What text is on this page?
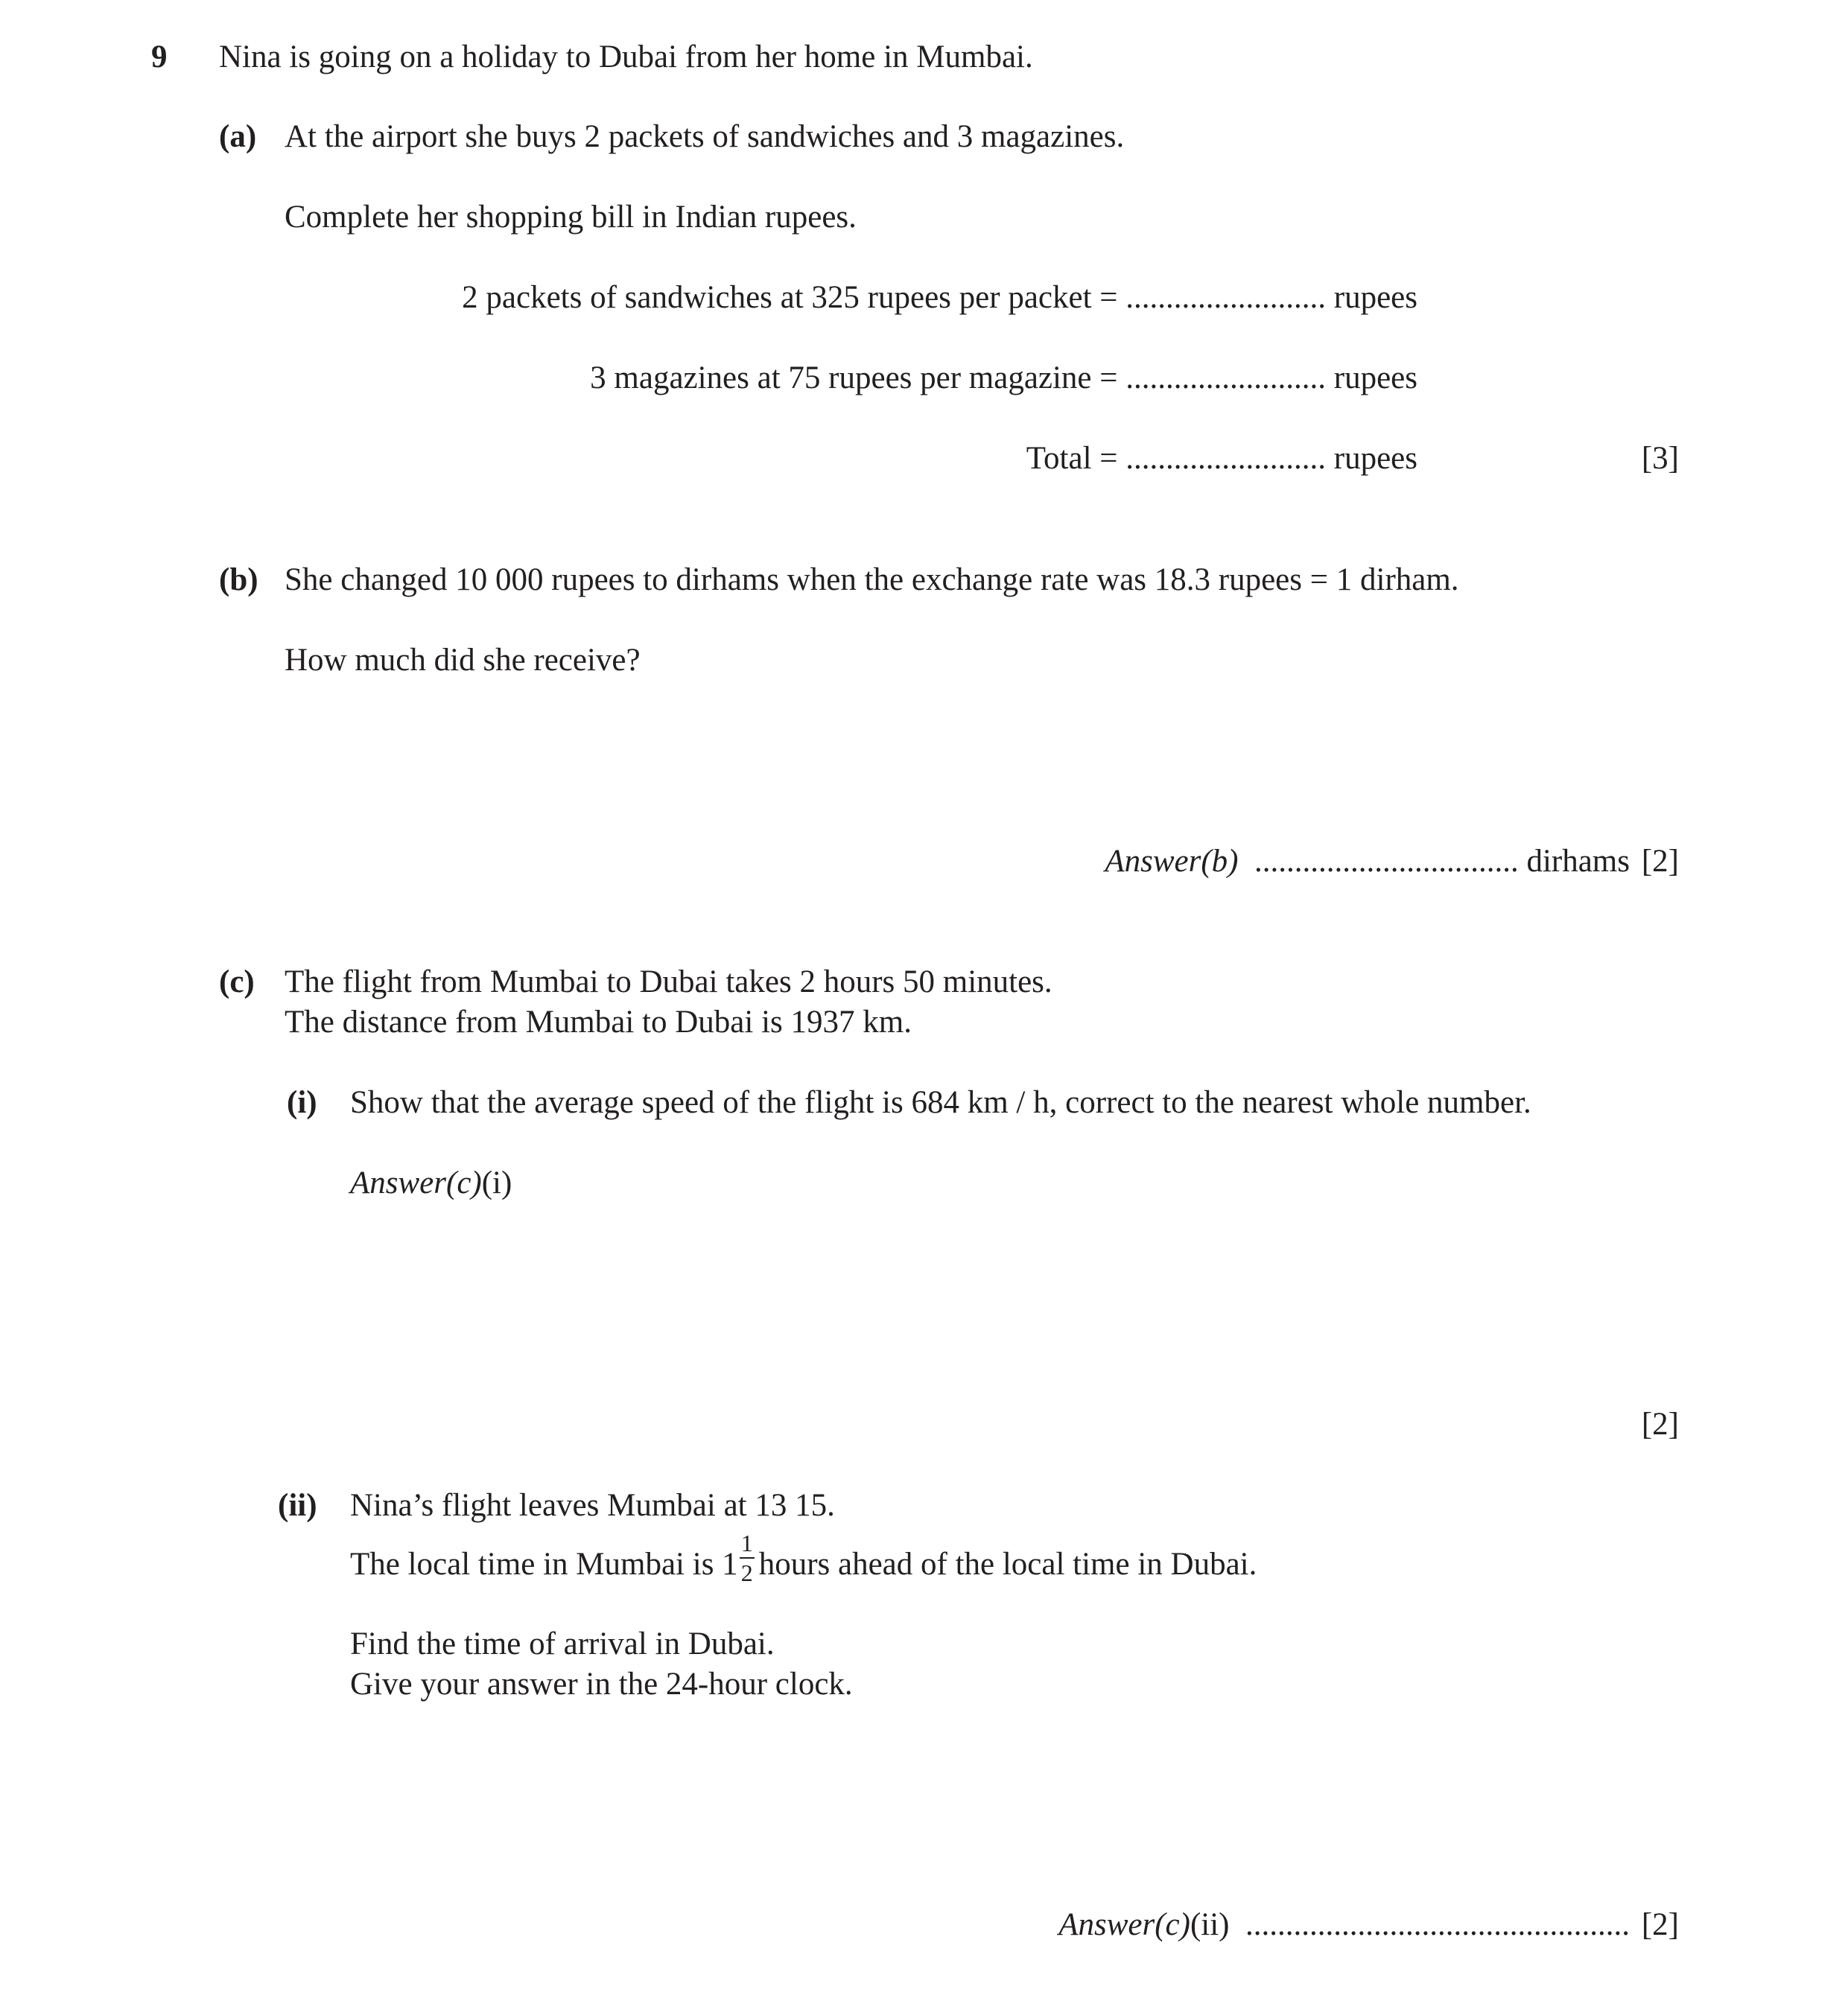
9 Nina is going on a holiday to Dubai from her home in Mumbai.

(a) At the airport she buys 2 packets of sandwiches and 3 magazines.

Complete her shopping bill in Indian rupees.

2 packets of sandwiches at 325 rupees per packet = ......................... rupees

3 magazines at 75 rupees per magazine = ......................... rupees

Total = ......................... rupees	[3]

(b) She changed 10 000 rupees to dirhams when the exchange rate was 18.3 rupees = 1 dirham.

How much did she receive?

Answer(b) ................................. dirhams [2]

(c) The flight from Mumbai to Dubai takes 2 hours 50 minutes.

The distance from Mumbai to Dubai is 1937 km.

(i) Show that the average speed of the flight is 684 km / h, correct to the nearest whole number.

Answer(c)(i)

[2]

(ii) Nina’s flight leaves Mumbai at 13 15.

The local time in Mumbai is $1 \frac{1}{2}$ hours ahead of the local time in Dubai.

Find the time of arrival in Dubai.

Give your answer in the 24-hour clock.

Answer(c)(ii) ................................................ [2]
